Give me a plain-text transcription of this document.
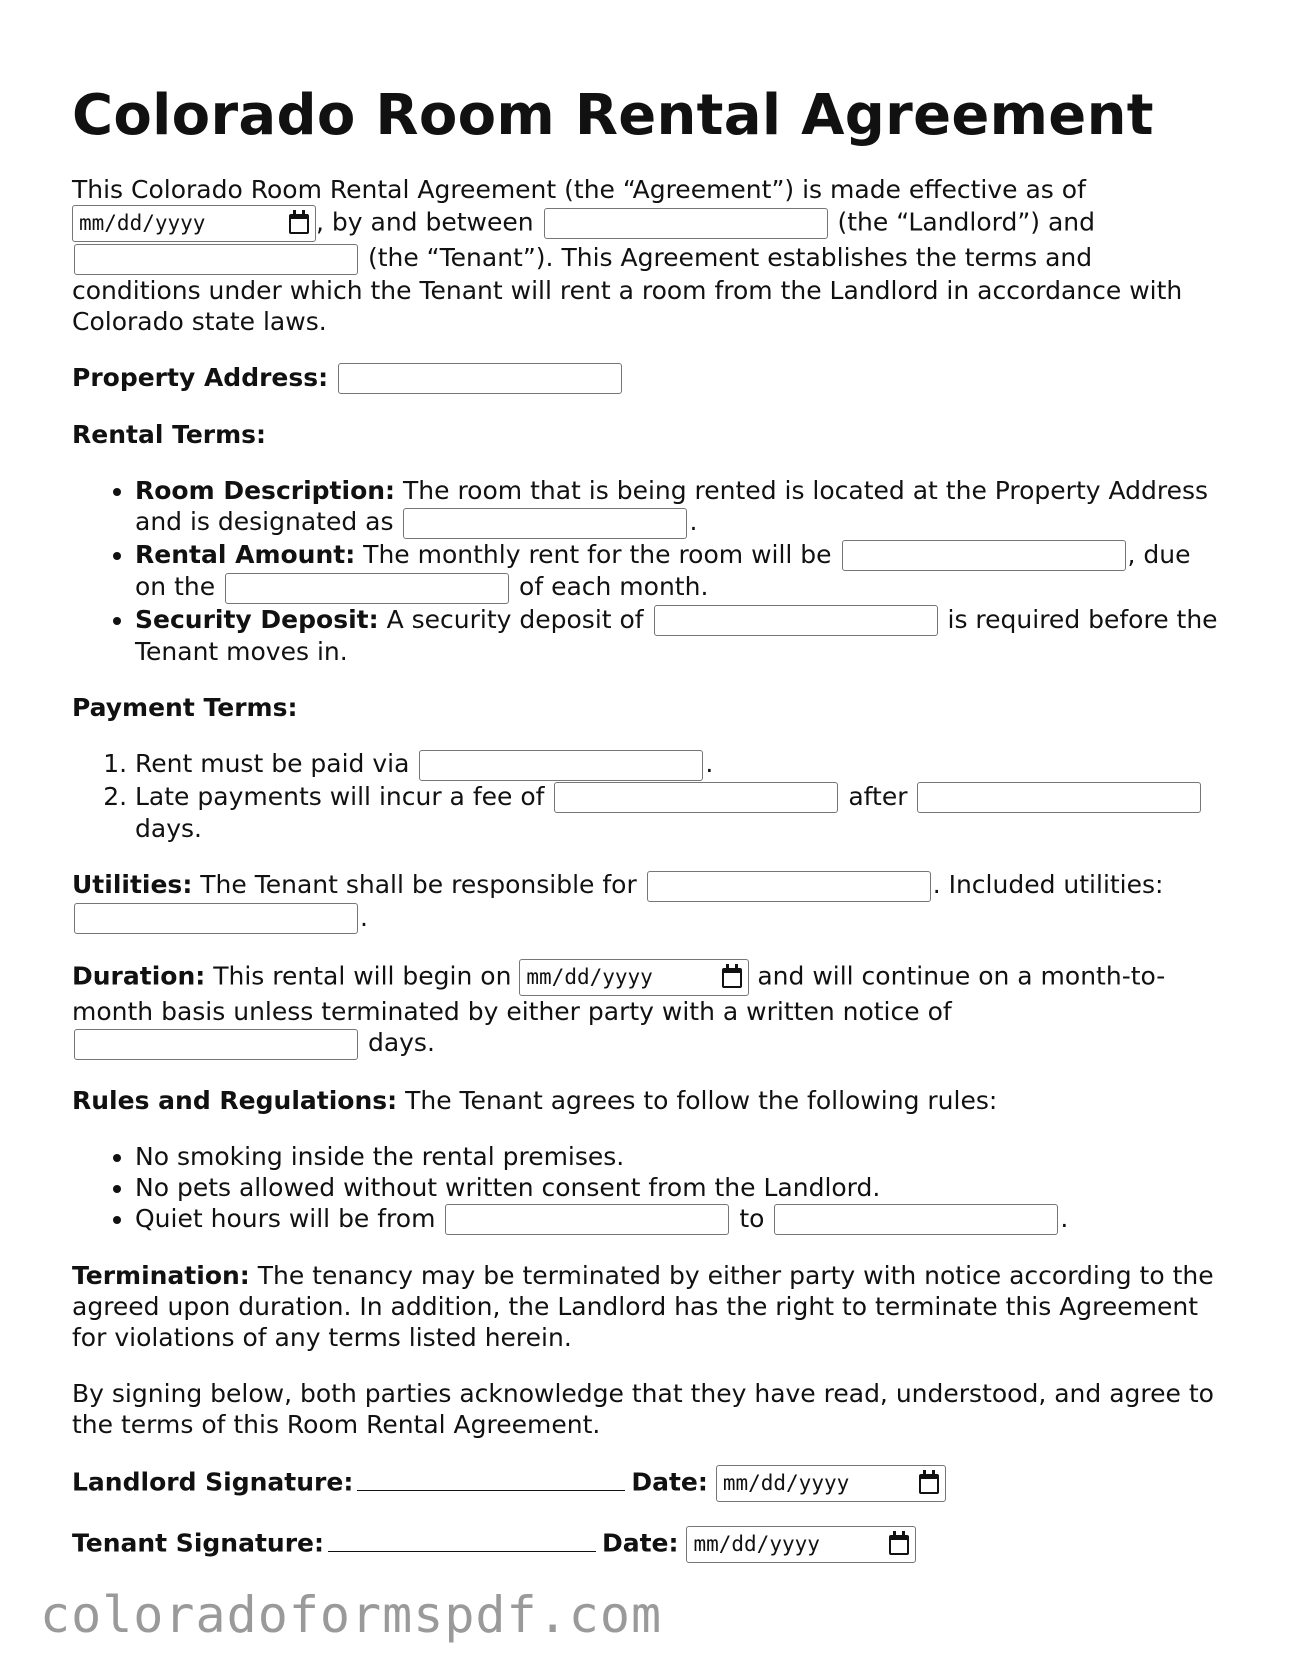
Colorado Room Rental Agreement

This Colorado Room Rental Agreement (the “Agreement”) is made effective as of

mm/dd/yyyy	, by and between	(the “Landlord”) and
(the “Tenant”). This Agreement establishes the terms and conditions under which the Tenant will rent a room from the Landlord in accordance with Colorado state laws.

Property Address:

Rental Terms:

• Room Description: The room that is being rented is located at the Property Address and is designated as	.
• Rental Amount: The monthly rent for the room will be	, due on the	of each month.
• Security Deposit: A security deposit of	is required before the Tenant moves in.

Payment Terms:

1. Rent must be paid via	.
2. Late payments will incur a fee of	after  days.

Utilities: The Tenant shall be responsible for	. Included utilities:
.

Duration: This rental will begin on mm/dd/yyyy	and will continue on a month-to-month basis unless terminated by either party with a written notice of
days.

Rules and Regulations: The Tenant agrees to follow the following rules:

• No smoking inside the rental premises.
• No pets allowed without written consent from the Landlord.
• Quiet hours will be from	to	.

Termination: The tenancy may be terminated by either party with notice according to the agreed upon duration. In addition, the Landlord has the right to terminate this Agreement for violations of any terms listed herein.

By signing below, both parties acknowledge that they have read, understood, and agree to the terms of this Room Rental Agreement.

Landlord Signature:	Date: mm/dd/yyyy
Tenant Signature:	Date: mm/dd/yyyy
coloradoformspdf.com
